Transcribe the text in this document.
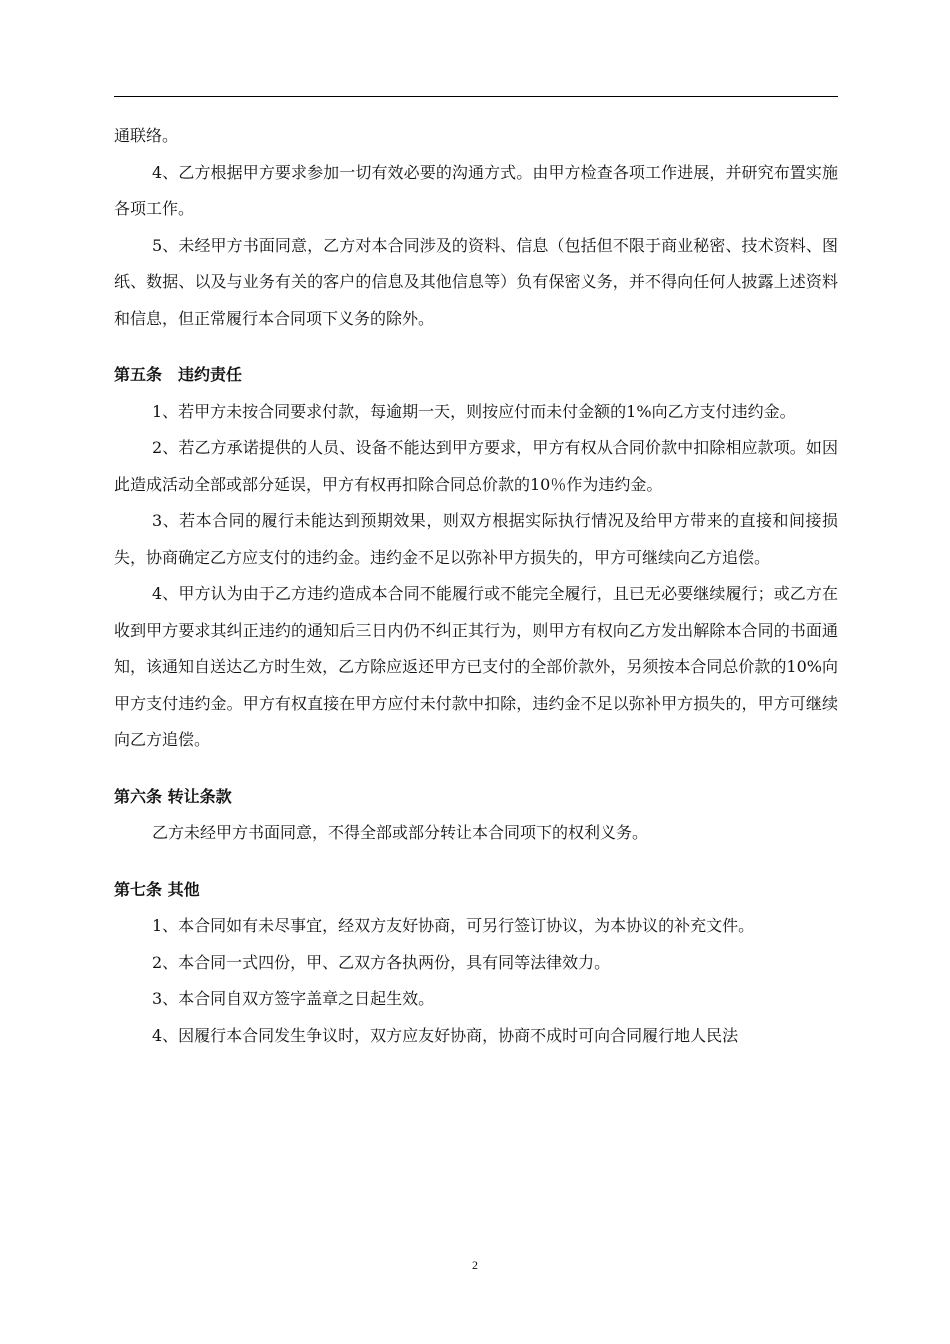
通联络。

4、乙方根据甲方要求参加一切有效必要的沟通方式。由甲方检查各项工作进展，并研究布置实施各项工作。

5、未经甲方书面同意，乙方对本合同涉及的资料、信息（包括但不限于商业秘密、技术资料、图纸、数据、以及与业务有关的客户的信息及其他信息等）负有保密义务，并不得向任何人披露上述资料和信息，但正常履行本合同项下义务的除外。

第五条　违约责任

1、若甲方未按合同要求付款，每逾期一天，则按应付而未付金额的1%向乙方支付违约金。

2、若乙方承诺提供的人员、设备不能达到甲方要求，甲方有权从合同价款中扣除相应款项。如因此造成活动全部或部分延误，甲方有权再扣除合同总价款的10％作为违约金。

3、若本合同的履行未能达到预期效果，则双方根据实际执行情况及给甲方带来的直接和间接损失，协商确定乙方应支付的违约金。违约金不足以弥补甲方损失的，甲方可继续向乙方追偿。

4、甲方认为由于乙方违约造成本合同不能履行或不能完全履行，且已无必要继续履行；或乙方在收到甲方要求其纠正违约的通知后三日内仍不纠正其行为，则甲方有权向乙方发出解除本合同的书面通知，该通知自送达乙方时生效，乙方除应返还甲方已支付的全部价款外，另须按本合同总价款的10%向甲方支付违约金。甲方有权直接在甲方应付未付款中扣除，违约金不足以弥补甲方损失的，甲方可继续向乙方追偿。

第六条 转让条款

乙方未经甲方书面同意，不得全部或部分转让本合同项下的权利义务。

第七条 其他

1、本合同如有未尽事宜，经双方友好协商，可另行签订协议，为本协议的补充文件。

2、本合同一式四份，甲、乙双方各执两份，具有同等法律效力。

3、本合同自双方签字盖章之日起生效。

4、因履行本合同发生争议时，双方应友好协商，协商不成时可向合同履行地人民法

2
